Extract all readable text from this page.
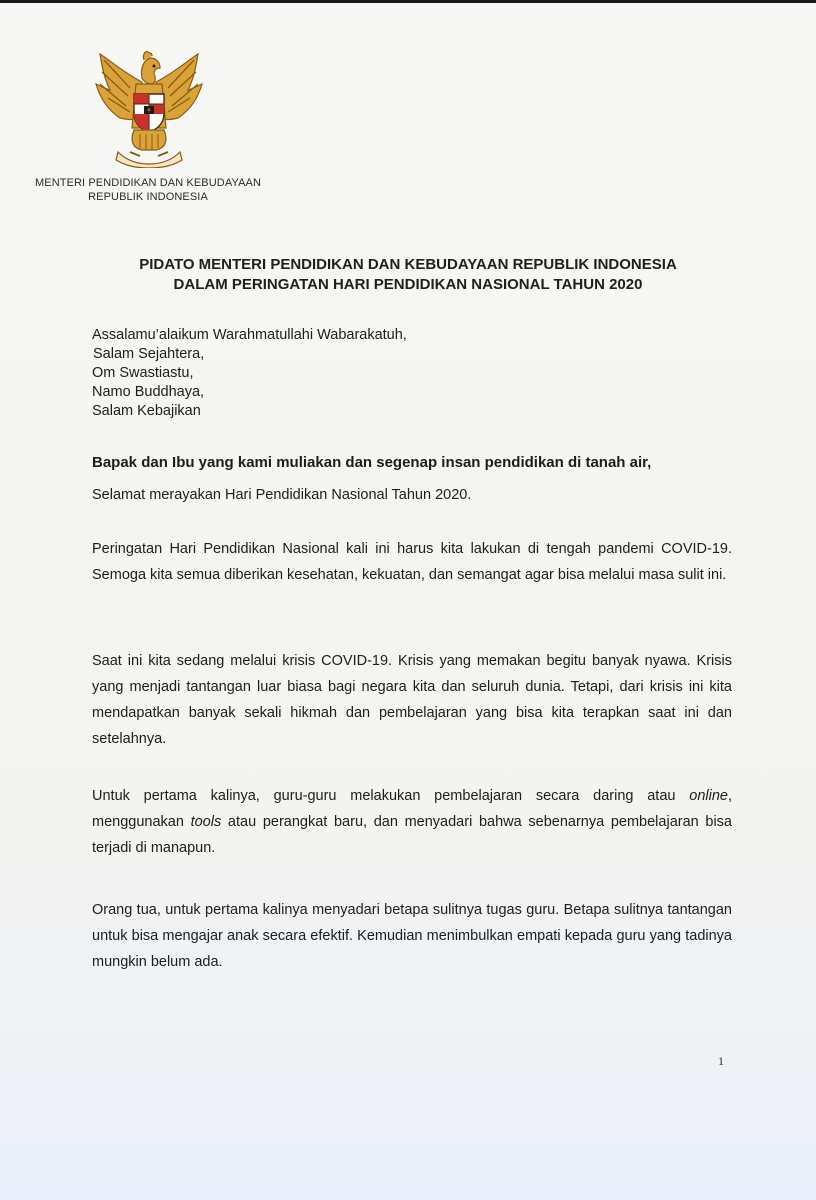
MENTERI PENDIDIKAN DAN KEBUDAYAAN
REPUBLIK INDONESIA
PIDATO MENTERI PENDIDIKAN DAN KEBUDAYAAN REPUBLIK INDONESIA
DALAM PERINGATAN HARI PENDIDIKAN NASIONAL TAHUN 2020
Assalamu’alaikum Warahmatullahi Wabarakatuh,
Salam Sejahtera,
Om Swastiastu,
Namo Buddhaya,
Salam Kebajikan
Bapak dan Ibu yang kami muliakan dan segenap insan pendidikan di tanah air,
Selamat merayakan Hari Pendidikan Nasional Tahun 2020.
Peringatan Hari Pendidikan Nasional kali ini harus kita lakukan di tengah pandemi COVID-19. Semoga kita semua diberikan kesehatan, kekuatan, dan semangat agar bisa melalui masa sulit ini.
Saat ini kita sedang melalui krisis COVID-19. Krisis yang memakan begitu banyak nyawa. Krisis yang menjadi tantangan luar biasa bagi negara kita dan seluruh dunia. Tetapi, dari krisis ini kita mendapatkan banyak sekali hikmah dan pembelajaran yang bisa kita terapkan saat ini dan setelahnya.
Untuk pertama kalinya, guru-guru melakukan pembelajaran secara daring atau online, menggunakan tools atau perangkat baru, dan menyadari bahwa sebenarnya pembelajaran bisa terjadi di manapun.
Orang tua, untuk pertama kalinya menyadari betapa sulitnya tugas guru. Betapa sulitnya tantangan untuk bisa mengajar anak secara efektif. Kemudian menimbulkan empati kepada guru yang tadinya mungkin belum ada.
1
